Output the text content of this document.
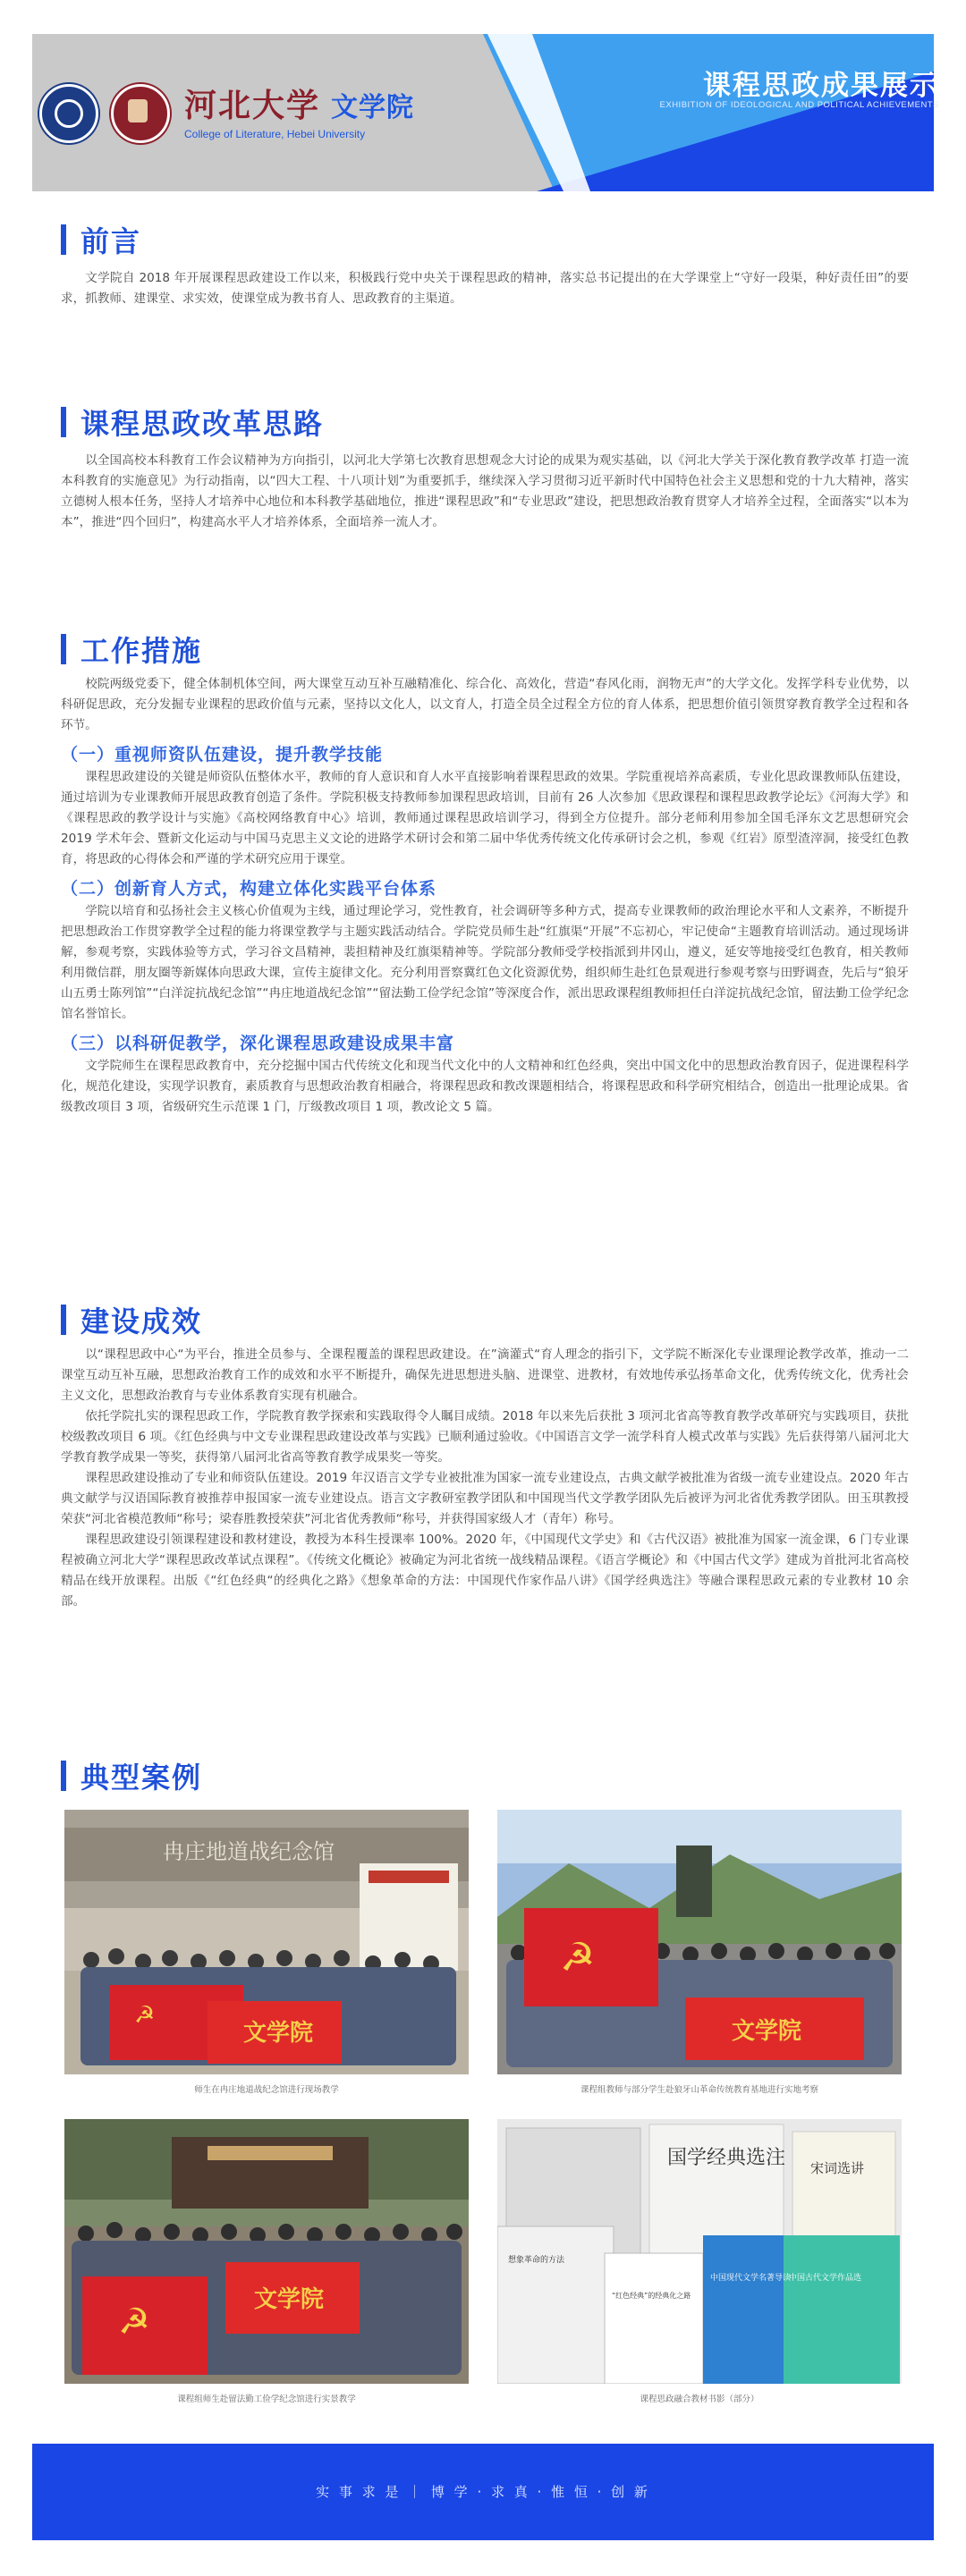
河北大学 文学院
College of Literature, Hebei University
课程思政成果展示
EXHIBITION OF IDEOLOGICAL AND POLITICAL ACHIEVEMENTS
前言

文学院自 2018 年开展课程思政建设工作以来，积极践行党中央关于课程思政的精神，落实总书记提出的在大学课堂上“守好一段渠，种好责任田”的要求，抓教师、建课堂、求实效，使课堂成为教书育人、思政教育的主渠道。

课程思政改革思路

以全国高校本科教育工作会议精神为方向指引，以河北大学第七次教育思想观念大讨论的成果为观实基础，以《河北大学关于深化教育教学改革 打造一流本科教育的实施意见》为行动指南，以“四大工程、十八项计划”为重要抓手，继续深入学习贯彻习近平新时代中国特色社会主义思想和党的十九大精神，落实立德树人根本任务，坚持人才培养中心地位和本科教学基础地位，推进“课程思政”和“专业思政”建设，把思想政治教育贯穿人才培养全过程，全面落实“以本为本”，推进“四个回归”，构建高水平人才培养体系，全面培养一流人才。

工作措施

校院两级党委下，健全体制机体空间，两大课堂互动互补互融精准化、综合化、高效化，营造“春风化雨，润物无声”的大学文化。发挥学科专业优势，以科研促思政，充分发掘专业课程的思政价值与元素，坚持以文化人，以文育人，打造全员全过程全方位的育人体系，把思想价值引领贯穿教育教学全过程和各环节。

（一）重视师资队伍建设，提升教学技能

课程思政建设的关键是师资队伍整体水平，教师的育人意识和育人水平直接影响着课程思政的效果。学院重视培养高素质，专业化思政课教师队伍建设，通过培训为专业课教师开展思政教育创造了条件。学院积极支持教师参加课程思政培训，目前有 26 人次参加《思政课程和课程思政教学论坛》《河海大学》和《课程思政的教学设计与实施》《高校网络教育中心》培训，教师通过课程思政培训学习，得到全方位提升。部分老师利用参加全国毛泽东文艺思想研究会 2019 学术年会、暨新文化运动与中国马克思主义文论的进路学术研讨会和第二届中华优秀传统文化传承研讨会之机，参观《红岩》原型渣滓洞，接受红色教育，将思政的心得体会和严谨的学术研究应用于课堂。

（二）创新育人方式，构建立体化实践平台体系

学院以培育和弘扬社会主义核心价值观为主线，通过理论学习，党性教育，社会调研等多种方式，提高专业课教师的政治理论水平和人文素养，不断提升把思想政治工作贯穿教学全过程的能力将课堂教学与主题实践活动结合。学院党员师生赴“红旗渠“开展”不忘初心，牢记使命“主题教育培训活动。通过现场讲解，参观考察，实践体验等方式，学习谷文昌精神，裴担精神及红旗渠精神等。学院部分教师受学校指派到井冈山，遵义，延安等地接受红色教育，相关教师利用微信群，朋友圈等新媒体向思政大课，宣传主旋律文化。充分利用晋察冀红色文化资源优势，组织师生赴红色景观进行参观考察与田野调查，先后与“狼牙山五勇士陈列馆”“白洋淀抗战纪念馆”“冉庄地道战纪念馆”“留法勤工俭学纪念馆”等深度合作，派出思政课程组教师担任白洋淀抗战纪念馆，留法勤工俭学纪念馆名誉馆长。

（三）以科研促教学，深化课程思政建设成果丰富

文学院师生在课程思政教育中，充分挖掘中国古代传统文化和现当代文化中的人文精神和红色经典，突出中国文化中的思想政治教育因子，促进课程科学化，规范化建设，实现学识教育，素质教育与思想政治教育相融合，将课程思政和教改课题相结合，将课程思政和科学研究相结合，创造出一批理论成果。省级教改项目 3 项，省级研究生示范课 1 门，厅级教改项目 1 项，教改论文 5 篇。

建设成效

以“课程思政中心“为平台，推进全员参与、全课程覆盖的课程思政建设。在”滴灌式“育人理念的指引下，文学院不断深化专业课理论教学改革，推动一二课堂互动互补互融，思想政治教育工作的成效和水平不断提升，确保先进思想进头脑、进课堂、进教材，有效地传承弘扬革命文化，优秀传统文化，优秀社会主义文化，思想政治教育与专业体系教育实现有机融合。

依托学院扎实的课程思政工作，学院教育教学探索和实践取得令人瞩目成绩。2018 年以来先后获批 3 项河北省高等教育教学改革研究与实践项目，获批校级教改项目 6 项。《红色经典与中文专业课程思政建设改革与实践》已顺利通过验收。《中国语言文学一流学科育人模式改革与实践》先后获得第八届河北大学教育教学成果一等奖，获得第八届河北省高等教育教学成果奖一等奖。

课程思政建设推动了专业和师资队伍建设。2019 年汉语言文学专业被批准为国家一流专业建设点，古典文献学被批准为省级一流专业建设点。2020 年古典文献学与汉语国际教育被推荐申报国家一流专业建设点。语言文字教研室教学团队和中国现当代文学教学团队先后被评为河北省优秀教学团队。田玉琪教授荣获“河北省模范教师“称号；梁春胜教授荣获”河北省优秀教师“称号，并获得国家级人才（青年）称号。

课程思政建设引领课程建设和教材建设，教授为本科生授课率 100%。2020 年，《中国现代文学史》和《古代汉语》被批准为国家一流金课，6 门专业课程被确立河北大学“课程思政改革试点课程”。《传统文化概论》被确定为河北省统一战线精品课程。《语言学概论》和《中国古代文学》建成为首批河北省高校精品在线开放课程。出版《“红色经典“的经典化之路》《想象革命的方法：中国现代作家作品八讲》《国学经典选注》等融合课程思政元素的专业教材 10 余部。

典型案例
☭
文学院
冉庄地道战纪念馆
师生在冉庄地道战纪念馆进行现场教学
☭
文学院
课程组教师与部分学生赴狼牙山革命传统教育基地进行实地考察
☭
文学院
课程组师生赴留法勤工俭学纪念馆进行实景教学
国学经典选注 宋词选讲
中国现代文学名著导读
中国古代文学作品选
“红色经典”的经典化之路
想象革命的方法
课程思政融合教材书影（部分）
实 事 求 是 ｜ 博 学 · 求 真 · 惟 恒 · 创 新
